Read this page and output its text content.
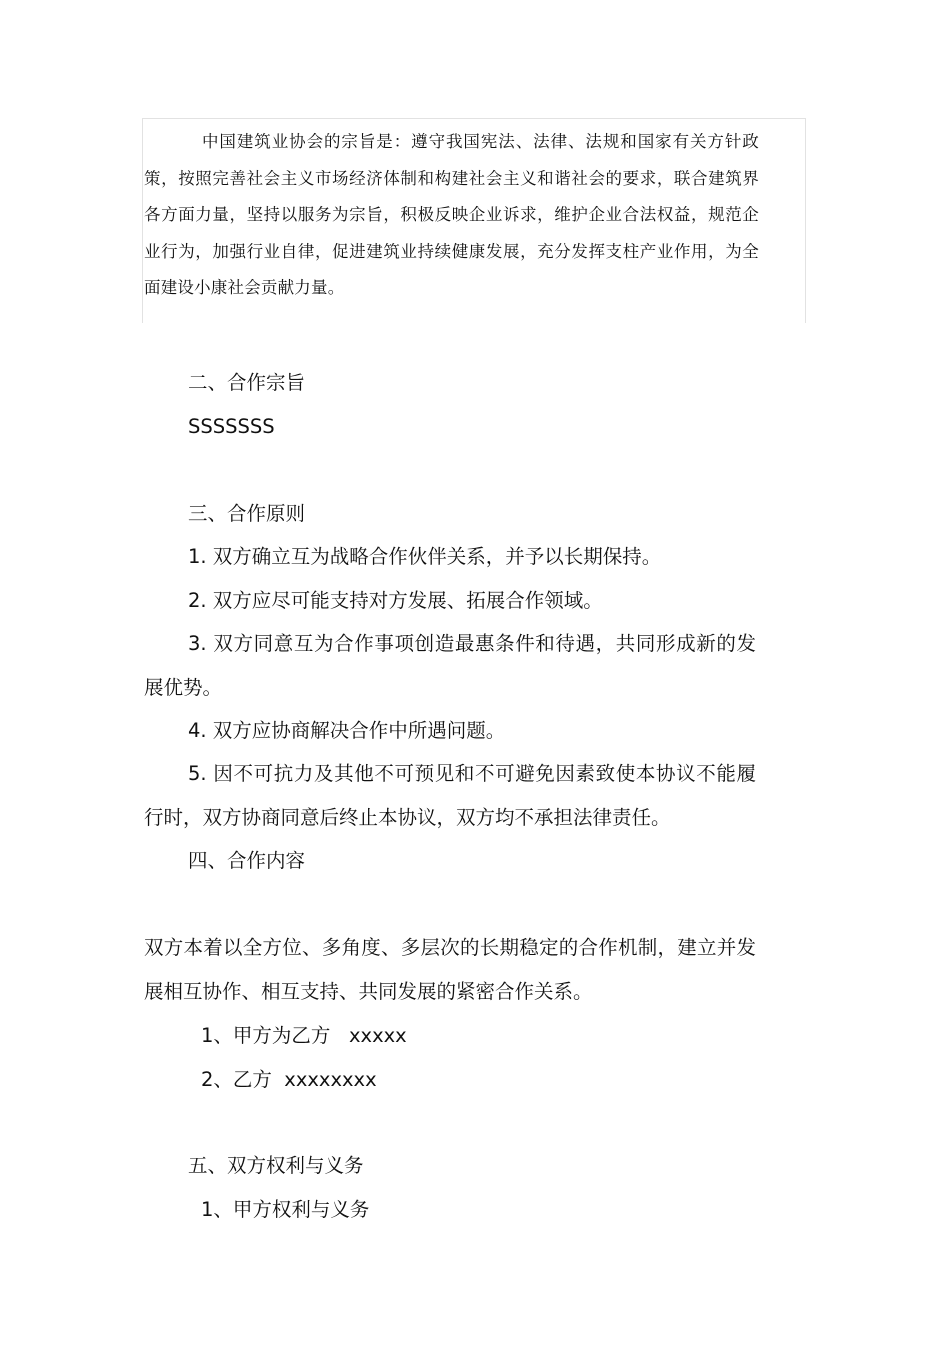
中国建筑业协会的宗旨是：遵守我国宪法、法律、法规和国家有关方针政策，按照完善社会主义市场经济体制和构建社会主义和谐社会的要求，联合建筑界各方面力量，坚持以服务为宗旨，积极反映企业诉求，维护企业合法权益，规范企业行为，加强行业自律，促进建筑业持续健康发展，充分发挥支柱产业作用，为全面建设小康社会贡献力量。

二、合作宗旨

SSSSSSS

三、合作原则

1. 双方确立互为战略合作伙伴关系，并予以长期保持。

2. 双方应尽可能支持对方发展、拓展合作领域。

3. 双方同意互为合作事项创造最惠条件和待遇，共同形成新的发展优势。

4. 双方应协商解决合作中所遇问题。

5. 因不可抗力及其他不可预见和不可避免因素致使本协议不能履行时，双方协商同意后终止本协议，双方均不承担法律责任。

四、合作内容

双方本着以全方位、多角度、多层次的长期稳定的合作机制，建立并发展相互协作、相互支持、共同发展的紧密合作关系。

1、甲方为乙方   xxxxx

2、乙方  xxxxxxxx

五、双方权利与义务

1、甲方权利与义务
